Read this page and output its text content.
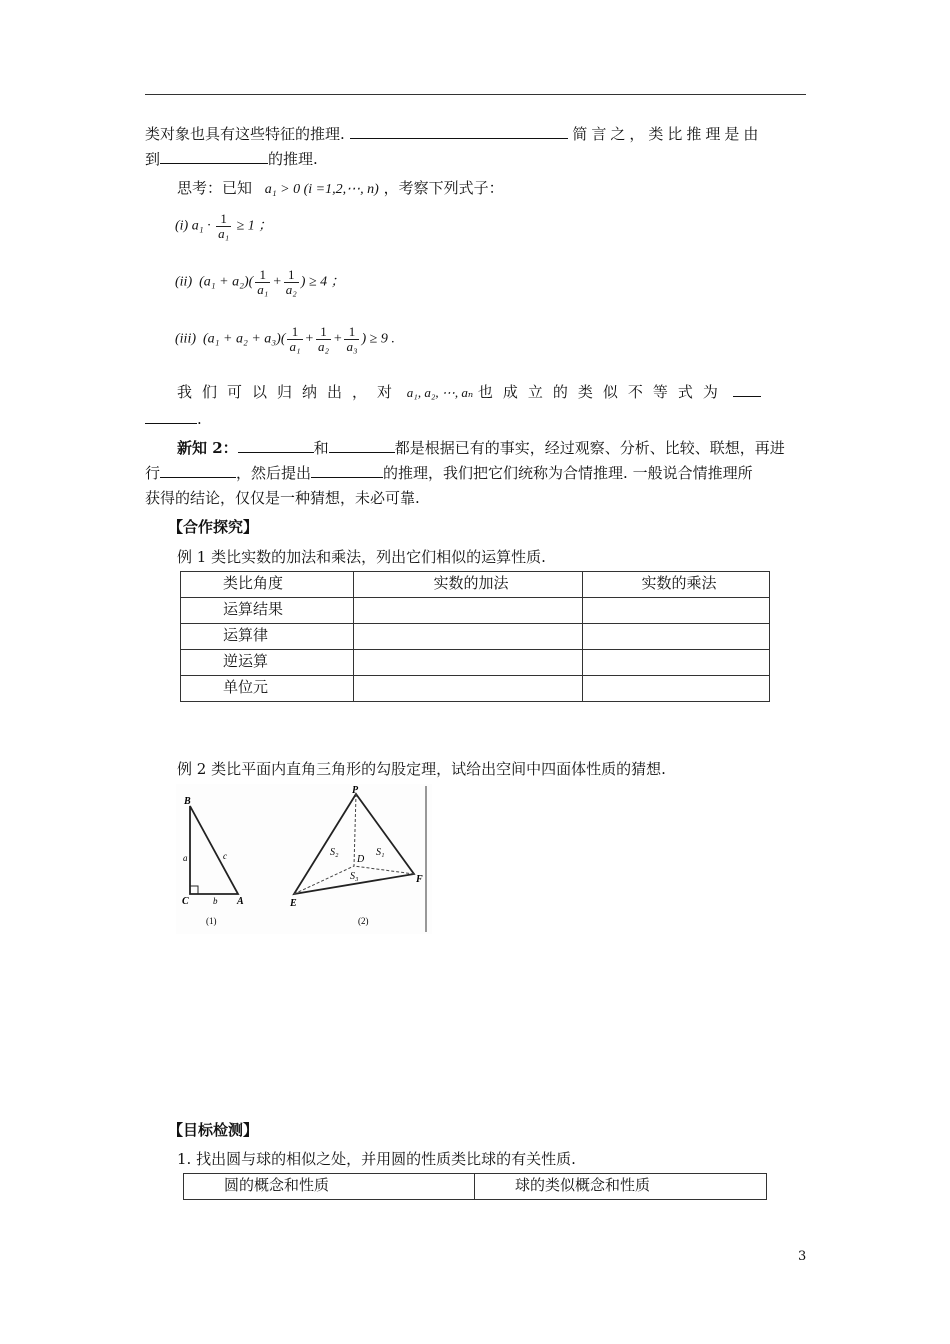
类对象也具有这些特征的推理.	简言之，类比推理是由
到	的推理.
思考：已知 a₁ > 0 (i =1,2,⋯, n) ，考察下列式子：
(i) $a_1 \cdot \frac{1}{\text{a₁}} \ge 1$ ；
(ii) $(a_1 + a_2)( \frac{1}{\text{a₁}} + \frac{1}{\text{a₂}}$ ) ≥ 4 ；
(iii) $(a_1 + a_2 + a_3)( \frac{1}{\text{a₁}} + \frac{1}{\text{a₂}} + \frac{1}{\text{a₃}}$ ) ≥ 9 .
我们可以归纳出，对 a₁, a₂, ⋯, aₙ 也成立的类似不等式为
.
新知 2：	和	都是根据已有的事实，经过观察、分析、比较、联想，再进
行	，然后提出	的推理，我们把它们统称为合情推理. 一般说合情推理所
获得的结论，仅仅是一种猜想，未必可靠.
【合作探究】
例 1 类比实数的加法和乘法，列出它们相似的运算性质.
类比角度	实数的加法	实数的乘法
运算结果		
运算律		
逆运算		
单位元		
例 2 类比平面内直角三角形的勾股定理，试给出空间中四面体性质的猜想.
B
C	A
a
b
c
(1)
P
D
E
F
S₁
S₂
S₃
(2)
【目标检测】
1. 找出圆与球的相似之处，并用圆的性质类比球的有关性质.
圆的概念和性质	球的类似概念和性质
3
